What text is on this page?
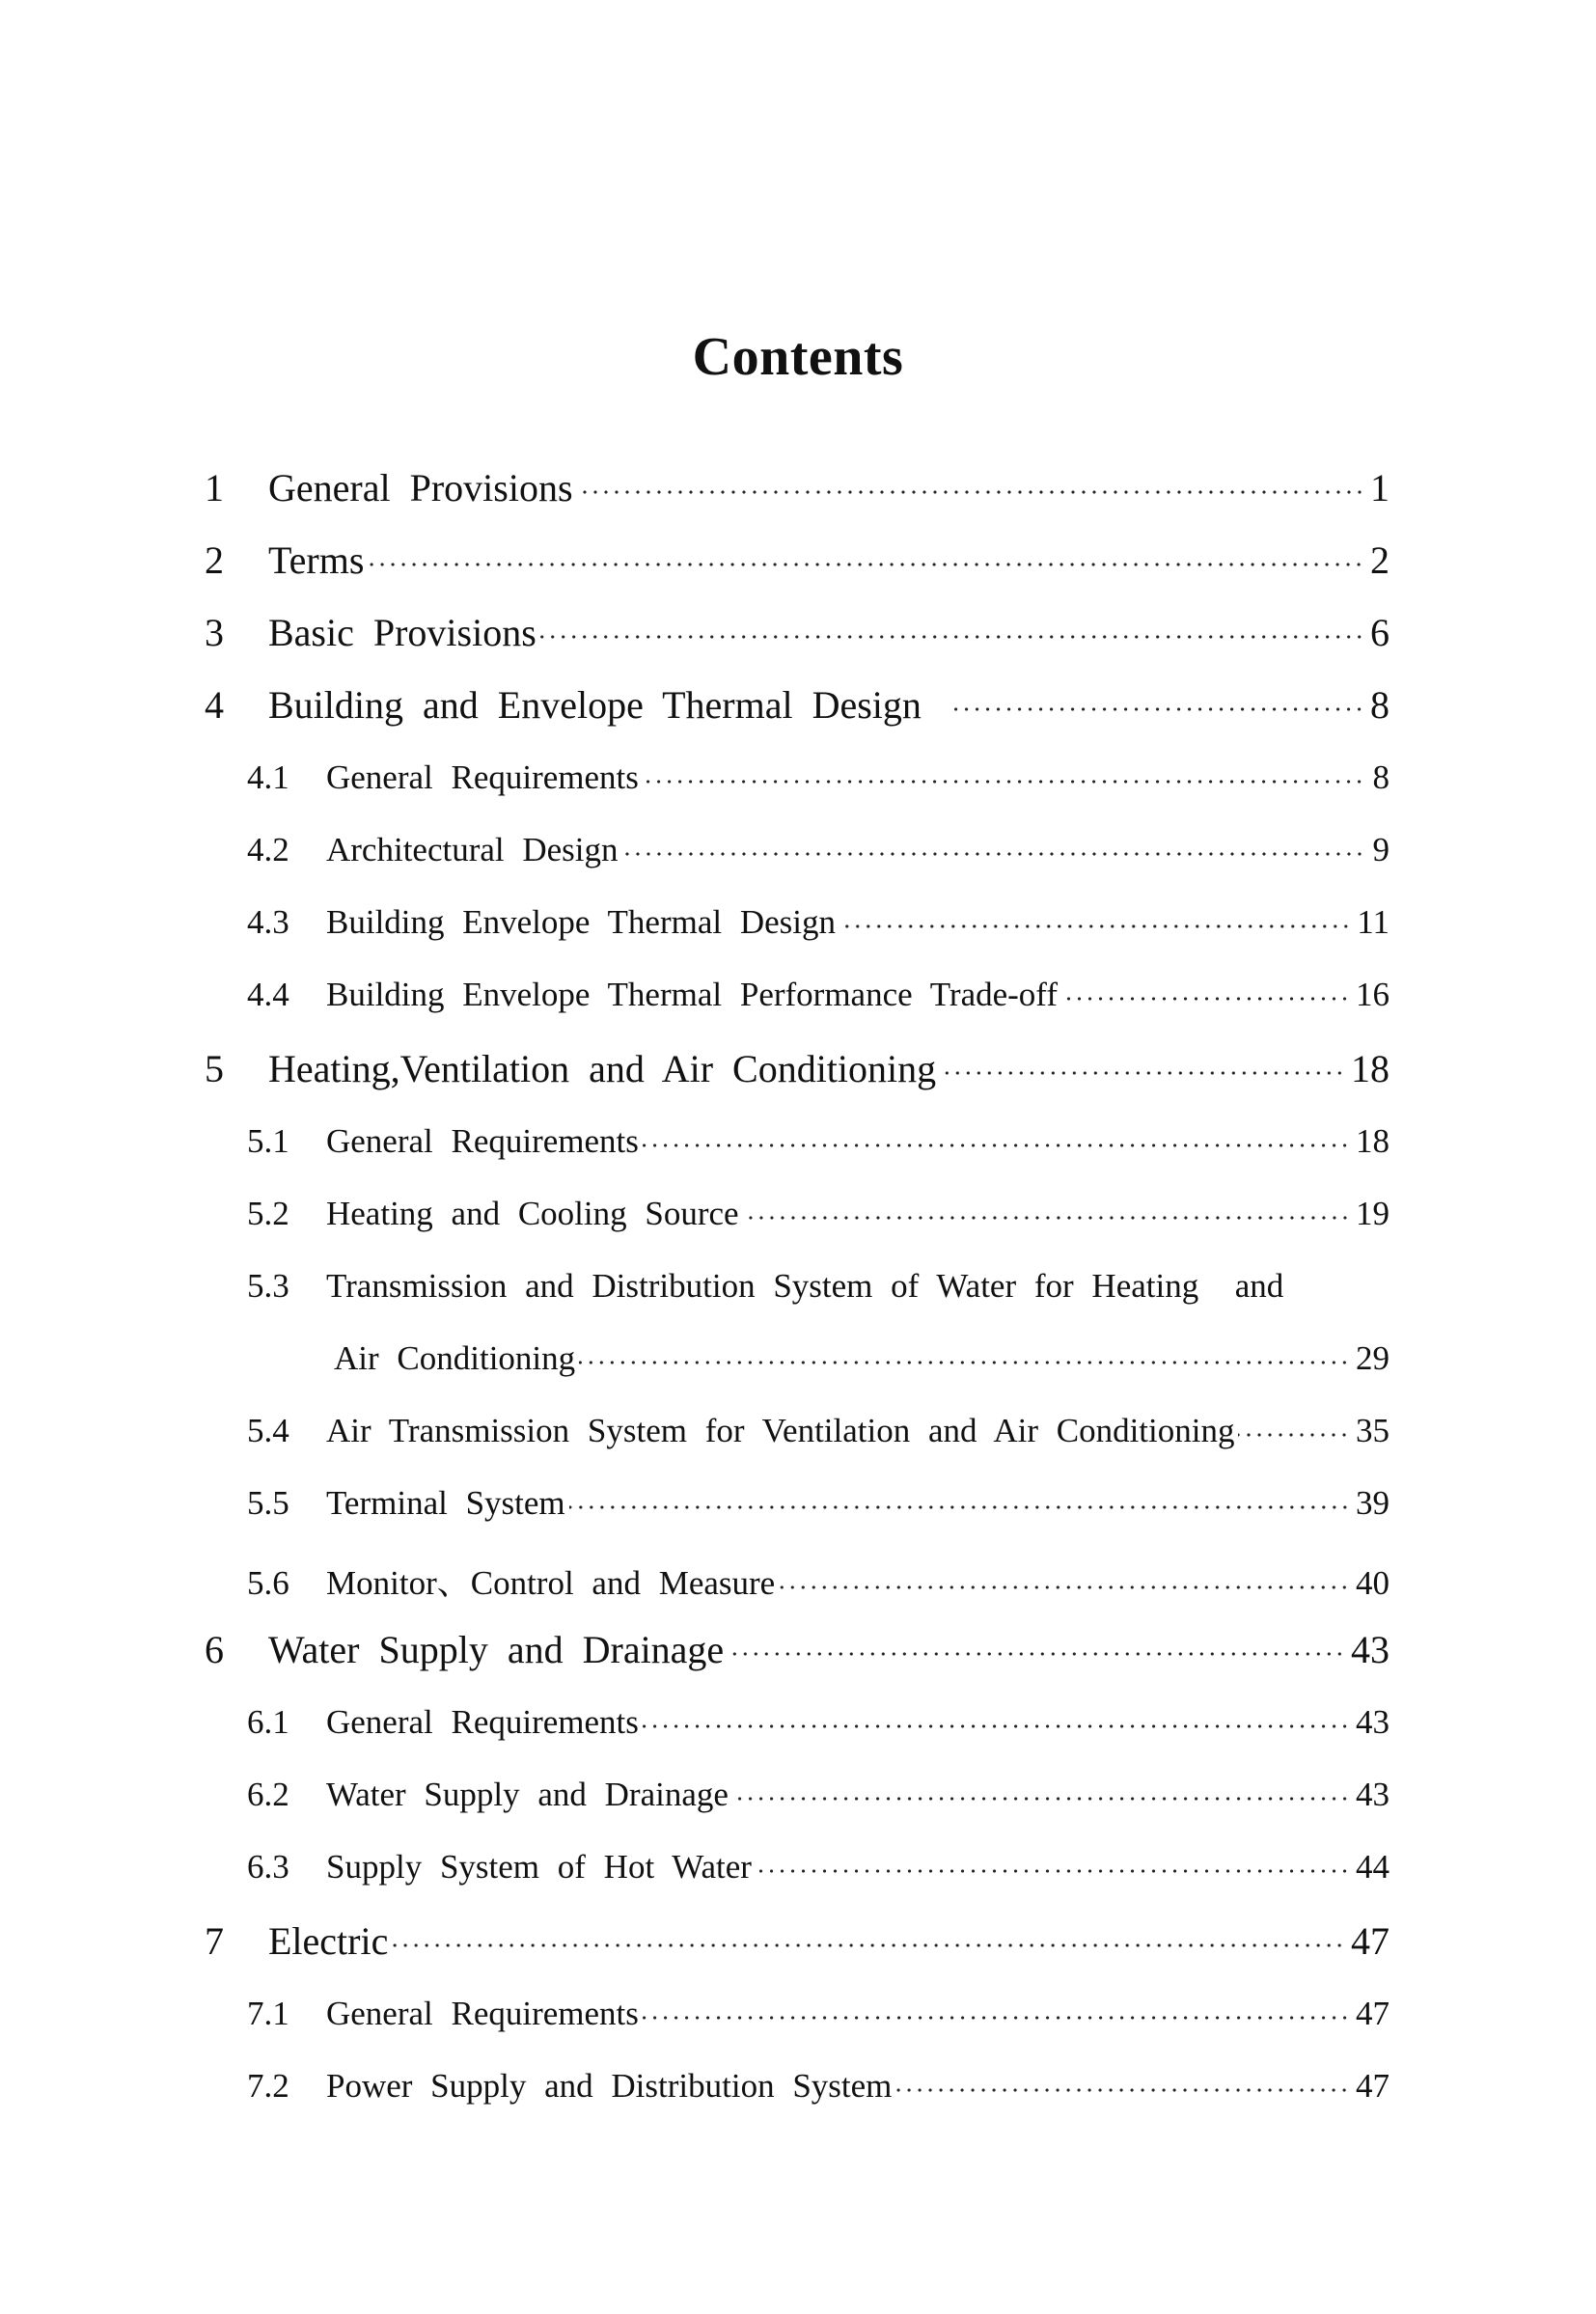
Contents
1	General Provisions	1
2	Terms	2
3	Basic Provisions	6
4	Building and Envelope Thermal Design	8
4.1	General Requirements	8
4.2	Architectural Design	9
4.3	Building Envelope Thermal Design	11
4.4	Building Envelope Thermal Performance Trade-off	16
5	Heating,Ventilation and Air Conditioning	18
5.1	General Requirements	18
5.2	Heating and Cooling Source	19
5.3	Transmission and Distribution System of Water for Heating  and
Air Conditioning	29
5.4	Air Transmission System for Ventilation and Air Conditioning	35
5.5	Terminal System	39
5.6	Monitor、Control and Measure	40
6	Water Supply and Drainage	43
6.1	General Requirements	43
6.2	Water Supply and Drainage	43
6.3	Supply System of Hot Water	44
7	Electric	47
7.1	General Requirements	47
7.2	Power Supply and Distribution System	47
